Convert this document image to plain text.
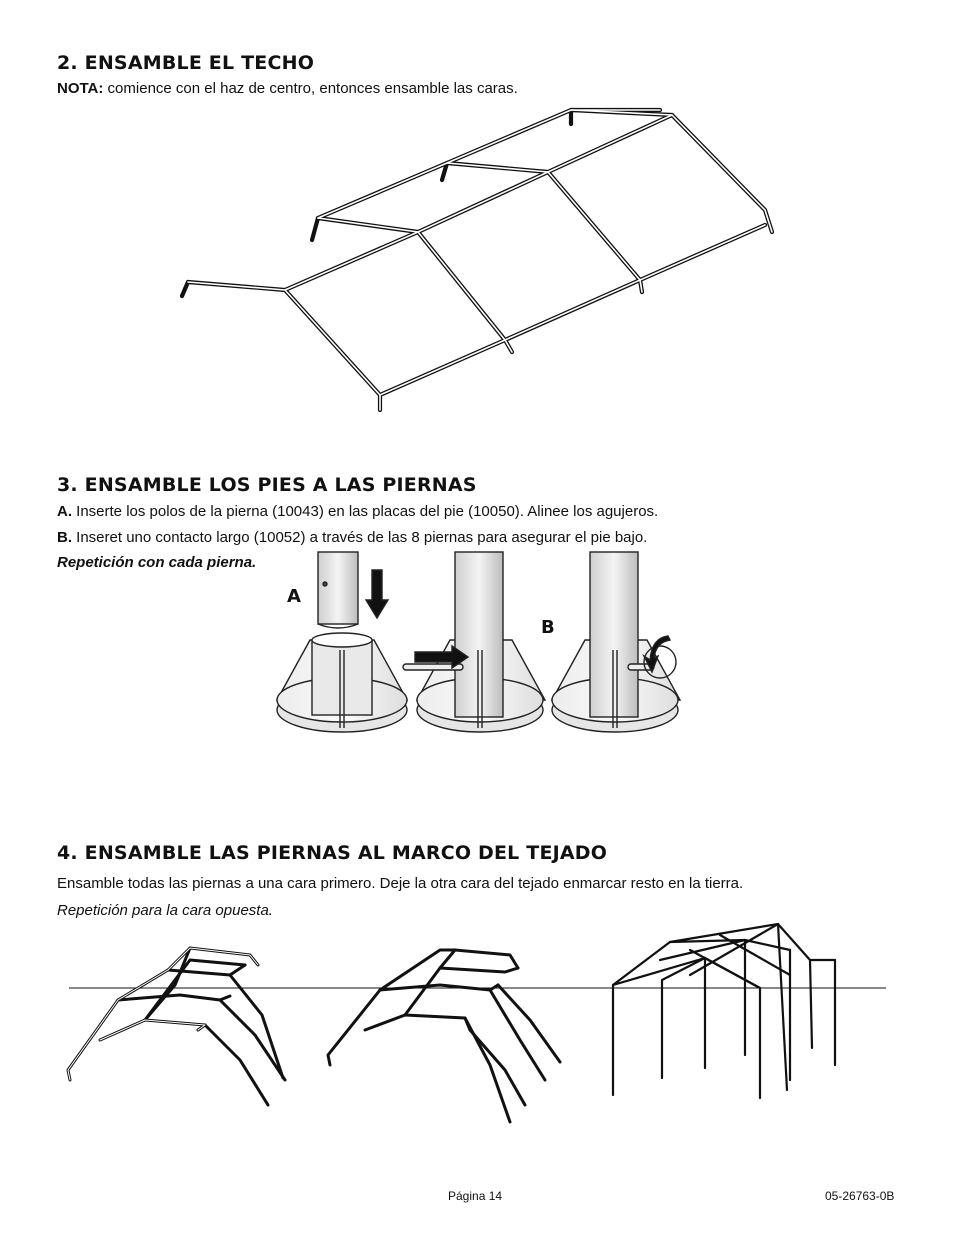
2. ENSAMBLE EL TECHO
NOTA: comience con el haz de centro, entonces ensamble las caras.
3. ENSAMBLE LOS PIES A LAS PIERNAS
A. Inserte los polos de la pierna (10043) en las placas del pie (10050). Alinee los agujeros.
B. Inseret uno contacto largo (10052) a través de las 8 piernas para asegurar el pie bajo.
Repetición con cada pierna.
A
B
4. ENSAMBLE LAS PIERNAS AL MARCO DEL TEJADO
Ensamble todas las piernas a una cara primero. Deje la otra cara del tejado enmarcar resto en la tierra.
Repetición para la cara opuesta.
Página 14	05-26763-0B
